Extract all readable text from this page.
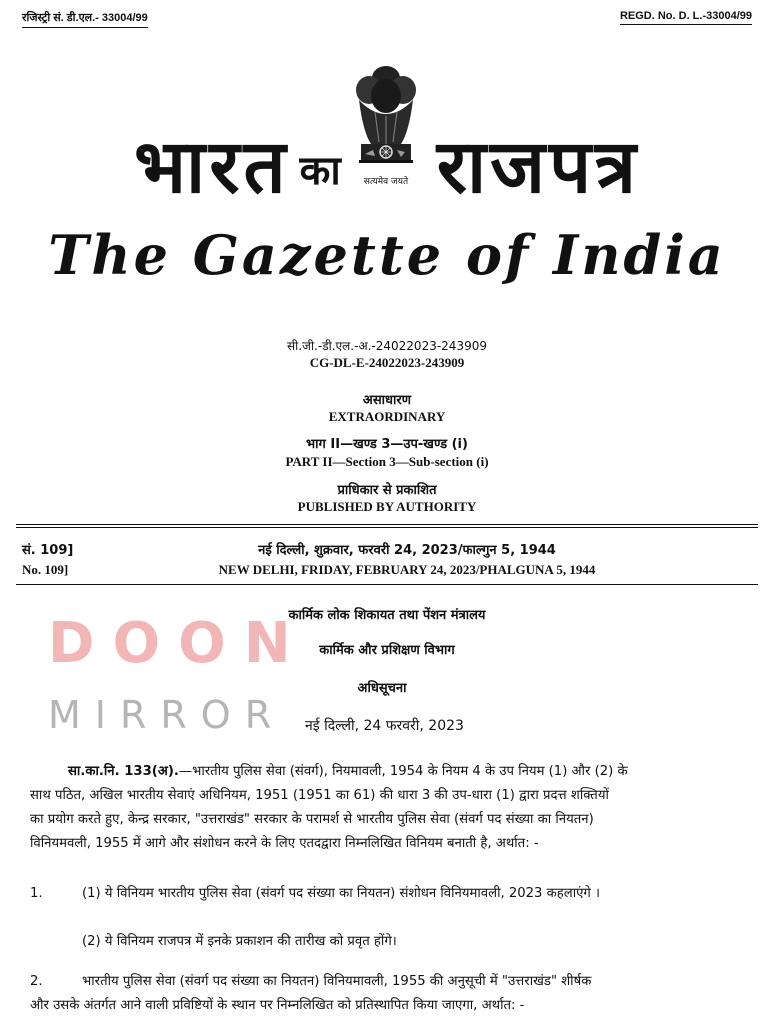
रजिस्ट्री सं. डी.एल.- 33004/99	REGD. No. D. L.-33004/99
सत्यमेव जयते
भारत का राजपत्र
The Gazette of India
सी.जी.-डी.एल.-अ.-24022023-243909
CG-DL-E-24022023-243909
असाधारण
EXTRAORDINARY
भाग II—खण्ड 3—उप-खण्ड (i)
PART II—Section 3—Sub-section (i)
प्राधिकार से प्रकाशित
PUBLISHED BY AUTHORITY
सं. 109]	नई दिल्ली, शुक्रवार, फरवरी 24, 2023/फाल्गुन 5, 1944
No. 109]	NEW DELHI, FRIDAY, FEBRUARY 24, 2023/PHALGUNA 5, 1944
DOON
MIRROR
कार्मिक लोक शिकायत तथा पेंशन मंत्रालय
कार्मिक और प्रशिक्षण विभाग
अधिसूचना
नई दिल्ली, 24 फरवरी, 2023
सा.का.नि. 133(अ).—भारतीय पुलिस सेवा (संवर्ग), नियमावली, 1954 के नियम 4 के उप नियम (1) और (2) के
साथ पठित, अखिल भारतीय सेवाएं अधिनियम, 1951 (1951 का 61) की धारा 3 की उप-धारा (1) द्वारा प्रदत्त शक्तियों
का प्रयोग करते हुए, केन्द्र सरकार, "उत्तराखंड" सरकार के परामर्श से भारतीय पुलिस सेवा (संवर्ग पद संख्या का नियतन)
विनियमवली, 1955 में आगे और संशोधन करने के लिए एतदद्वारा निम्नलिखित विनियम बनाती है, अर्थात: -
1.	(1) ये विनियम भारतीय पुलिस सेवा (संवर्ग पद संख्या का नियतन) संशोधन विनियमावली, 2023 कहलाएंगे ।
(2) ये विनियम राजपत्र में इनके प्रकाशन की तारीख को प्रवृत होंगे।
2.	भारतीय पुलिस सेवा (संवर्ग पद संख्या का नियतन) विनियमावली, 1955 की अनुसूची में "उत्तराखंड" शीर्षक
और उसके अंतर्गत आने वाली प्रविष्टियों के स्थान पर निम्नलिखित को प्रतिस्थापित किया जाएगा, अर्थात: -
